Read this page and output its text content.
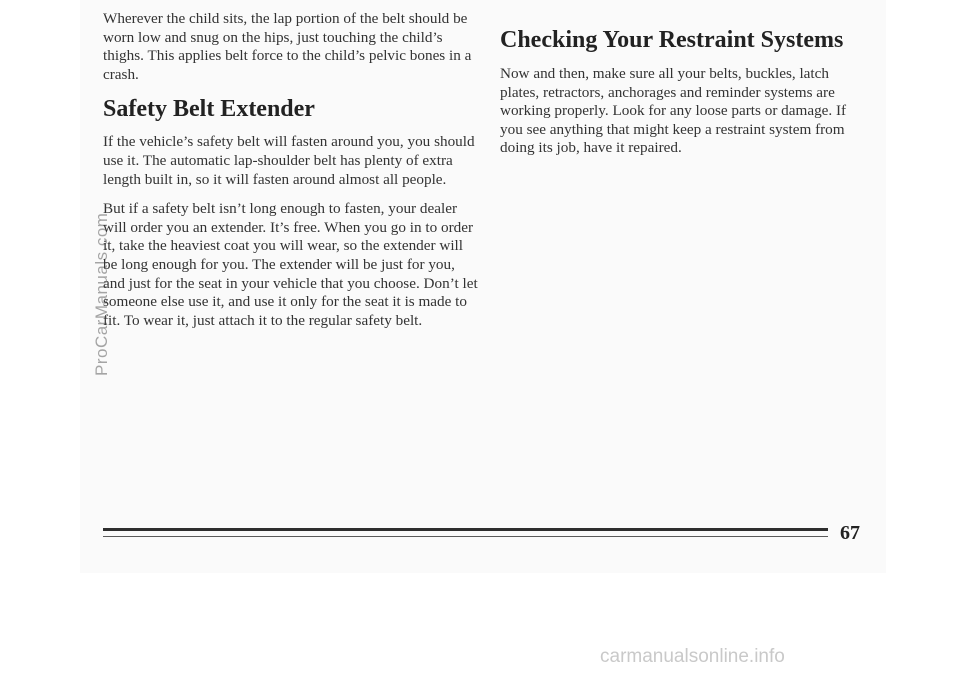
Wherever the child sits, the lap portion of the belt should be worn low and snug on the hips, just touching the child’s thighs. This applies belt force to the child’s pelvic bones in a crash.

Safety Belt Extender

If the vehicle’s safety belt will fasten around you, you should use it. The automatic lap-shoulder belt has plenty of extra length built in, so it will fasten around almost all people.

But if a safety belt isn’t long enough to fasten, your dealer will order you an extender. It’s free. When you go in to order it, take the heaviest coat you will wear, so the extender will be long enough for you. The extender will be just for you, and just for the seat in your vehicle that you choose. Don’t let someone else use it, and use it only for the seat it is made to fit. To wear it, just attach it to the regular safety belt.

Checking Your Restraint Systems

Now and then, make sure all your belts, buckles, latch plates, retractors, anchorages and reminder systems are working properly. Look for any loose parts or damage. If you see anything that might keep a restraint system from doing its job, have it repaired.

ProCarManuals.com
67
carmanualsonline.info
